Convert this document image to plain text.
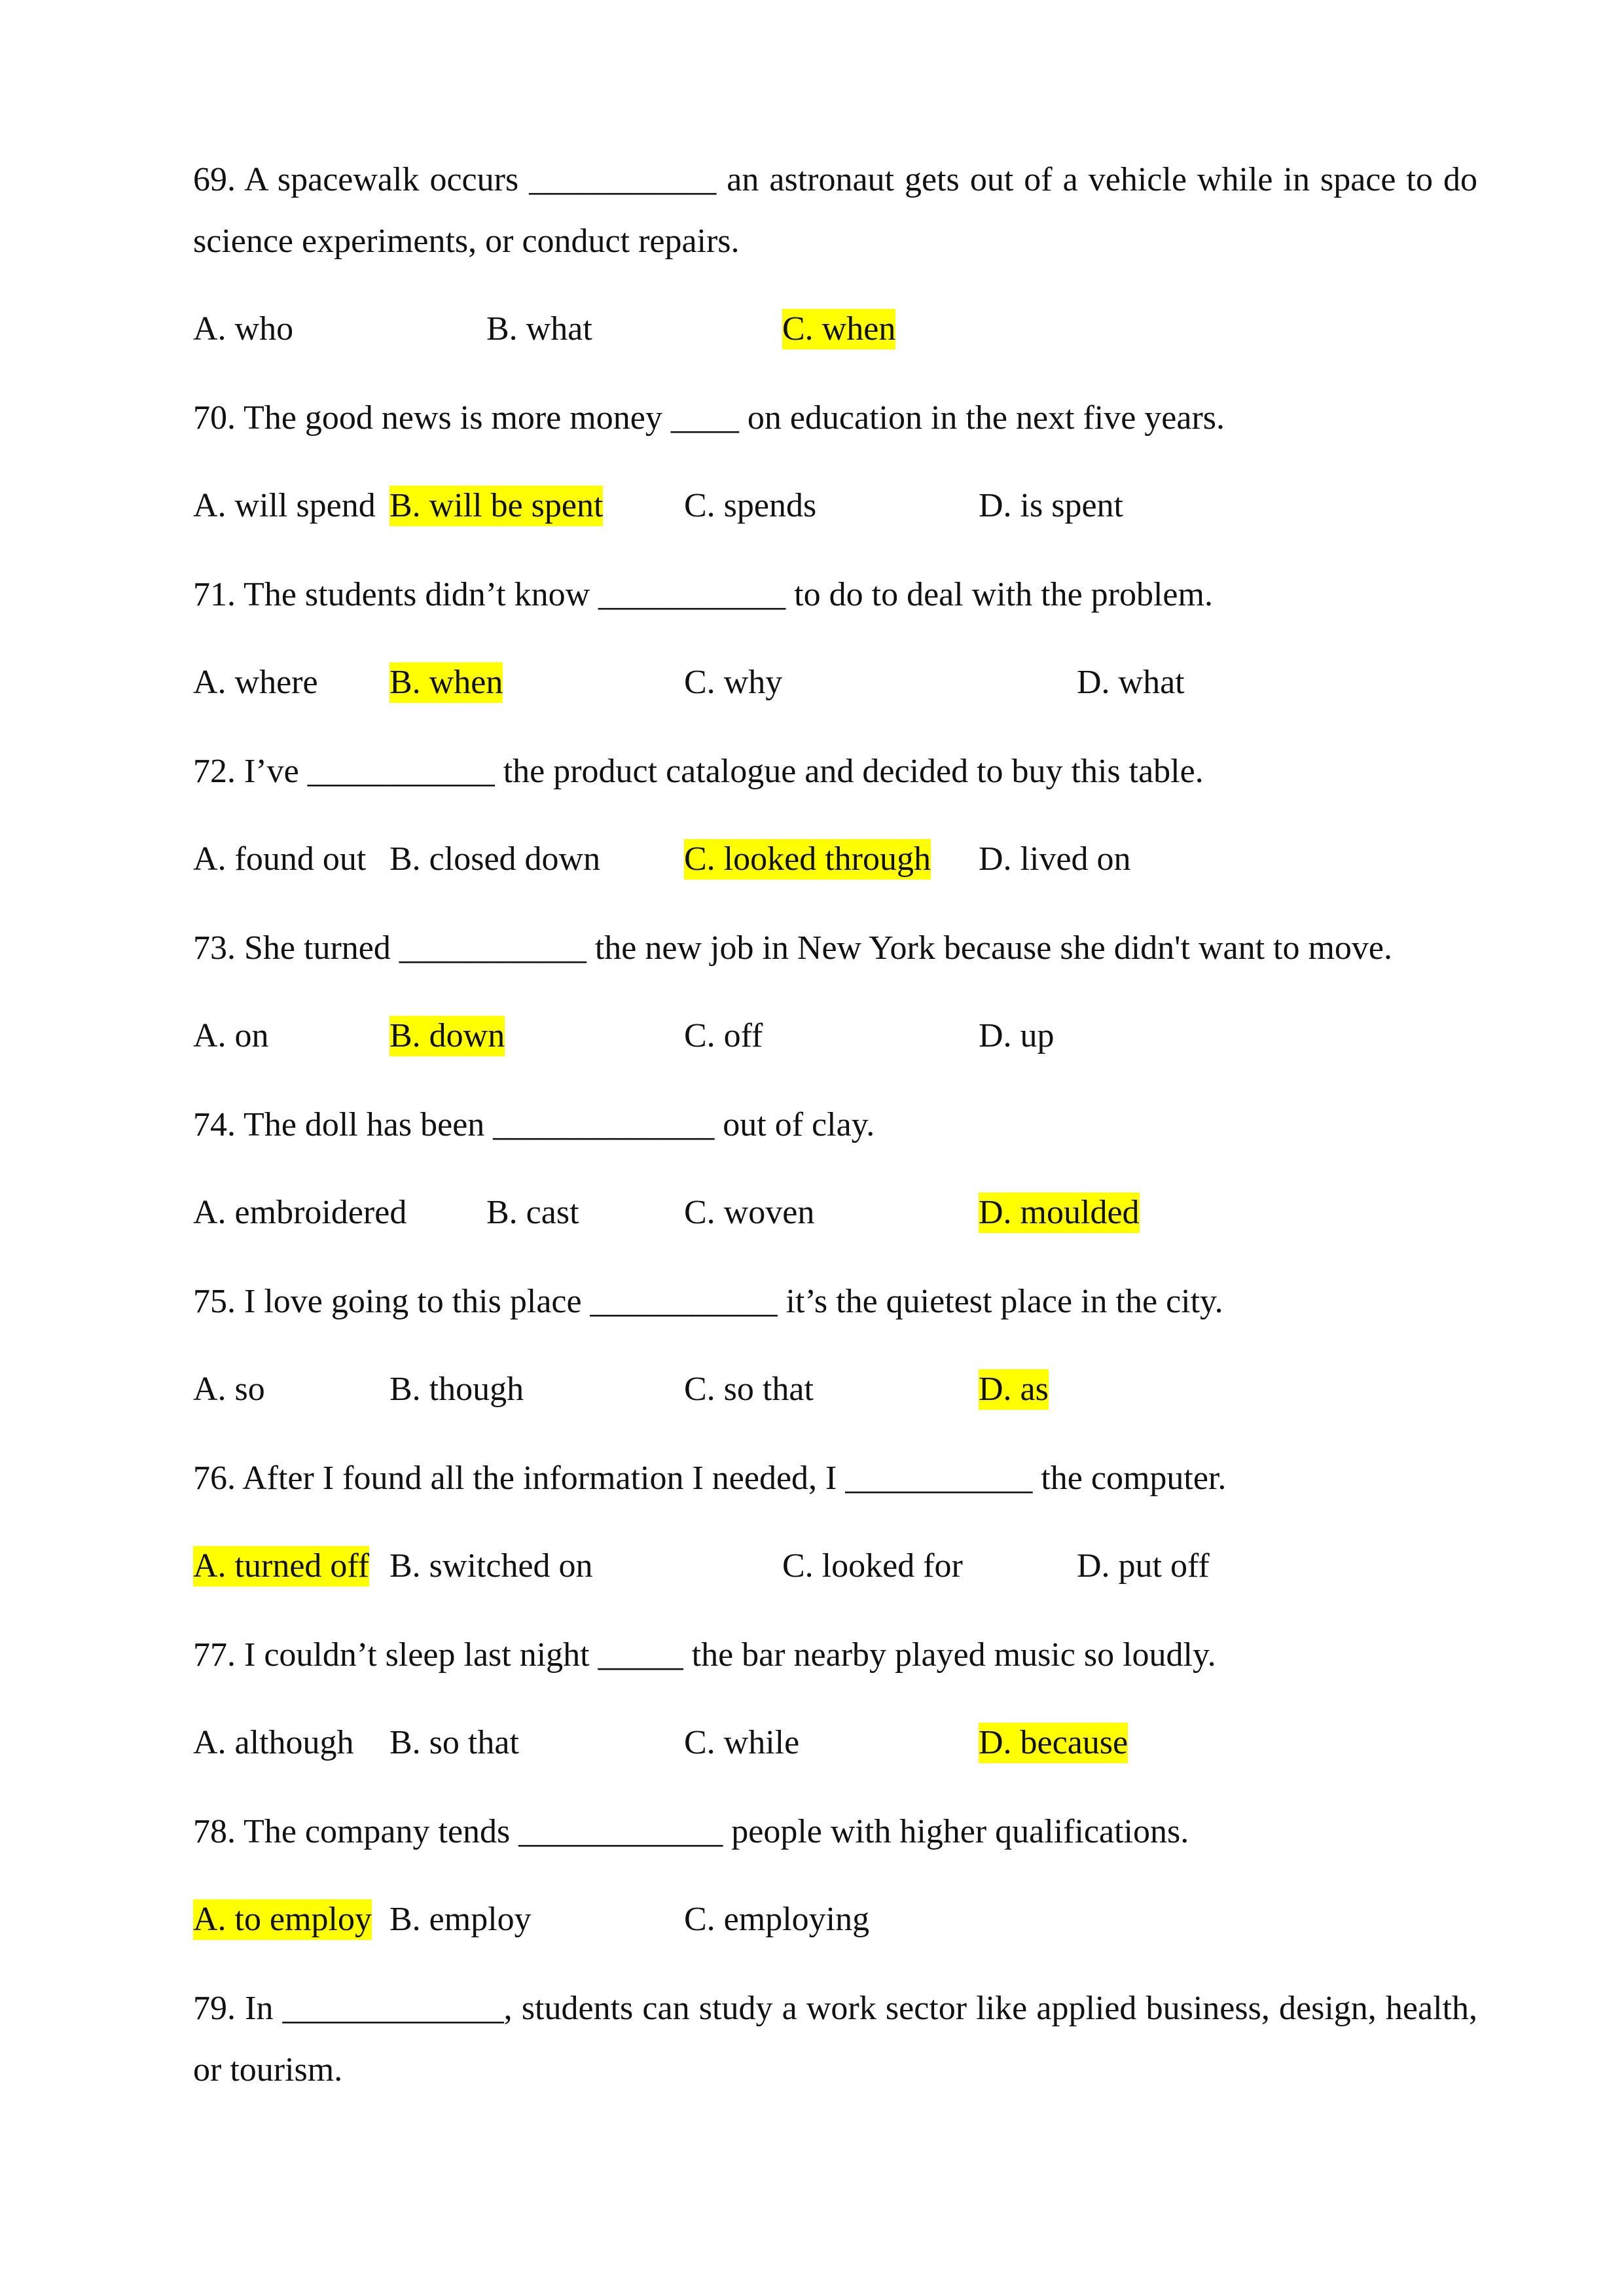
69. A spacewalk occurs ___________ an astronaut gets out of a vehicle while in space to do science experiments, or conduct repairs.

A. who	B. what	C. when

70. The good news is more money ____ on education in the next five years.

A. will spend B. will be spent C. spends	D. is spent

71. The students didn’t know ___________ to do to deal with the problem.

A. where B. when	C. why	D. what

72. I’ve ___________ the product catalogue and decided to buy this table.

A. found out B. closed down C. looked through D. lived on

73. She turned ___________ the new job in New York because she didn't want to move.

A. on	B. down	C. off	D. up

74. The doll has been _____________ out of clay.

A. embroidered B. cast	C. woven	D. moulded

75. I love going to this place ___________ it’s the quietest place in the city.

A. so	B. though	C. so that	D. as

76. After I found all the information I needed, I ___________ the computer.

A. turned off B. switched on	C. looked for	D. put off

77. I couldn’t sleep last night _____ the bar nearby played music so loudly.

A. although B. so that	C. while	D. because

78. The company tends ____________ people with higher qualifications.

A. to employ B. employ	C. employing

79. In _____________, students can study a work sector like applied business, design, health, or tourism.
